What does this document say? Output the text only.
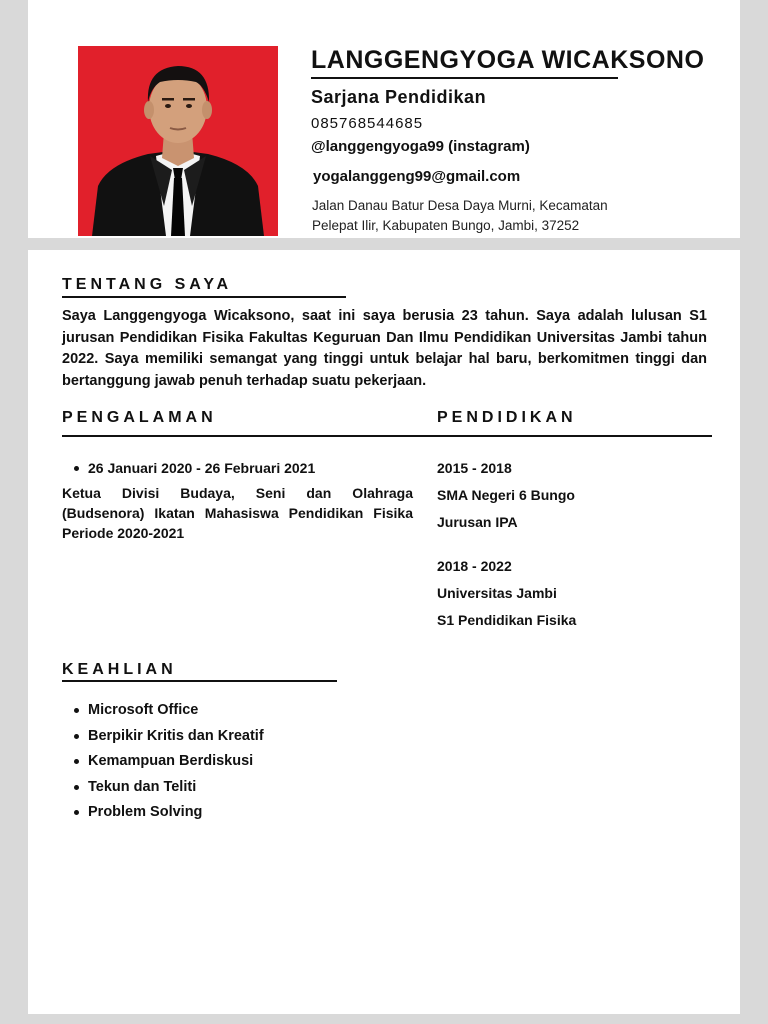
LANGGENGYOGA WICAKSONO
Sarjana Pendidikan
085768544685
@langgengyoga99 (instagram)
yogalanggeng99@gmail.com
Jalan Danau Batur Desa Daya Murni, Kecamatan
Pelepat Ilir, Kabupaten Bungo, Jambi, 37252
TENTANG SAYA
Saya Langgengyoga Wicaksono, saat ini saya berusia 23 tahun. Saya adalah lulusan S1 jurusan Pendidikan Fisika Fakultas Keguruan Dan Ilmu Pendidikan Universitas Jambi tahun 2022. Saya memiliki semangat yang tinggi untuk belajar hal baru, berkomitmen tinggi dan bertanggung jawab penuh terhadap suatu pekerjaan.
PENGALAMAN
26 Januari 2020 - 26 Februari 2021
Ketua Divisi Budaya, Seni dan Olahraga (Budsenora) Ikatan Mahasiswa Pendidikan Fisika Periode 2020-2021
PENDIDIKAN
2015 - 2018
SMA Negeri 6 Bungo
Jurusan IPA
2018 - 2022
Universitas Jambi
S1 Pendidikan Fisika
KEAHLIAN
Microsoft Office
Berpikir Kritis dan Kreatif
Kemampuan Berdiskusi
Tekun dan Teliti
Problem Solving
